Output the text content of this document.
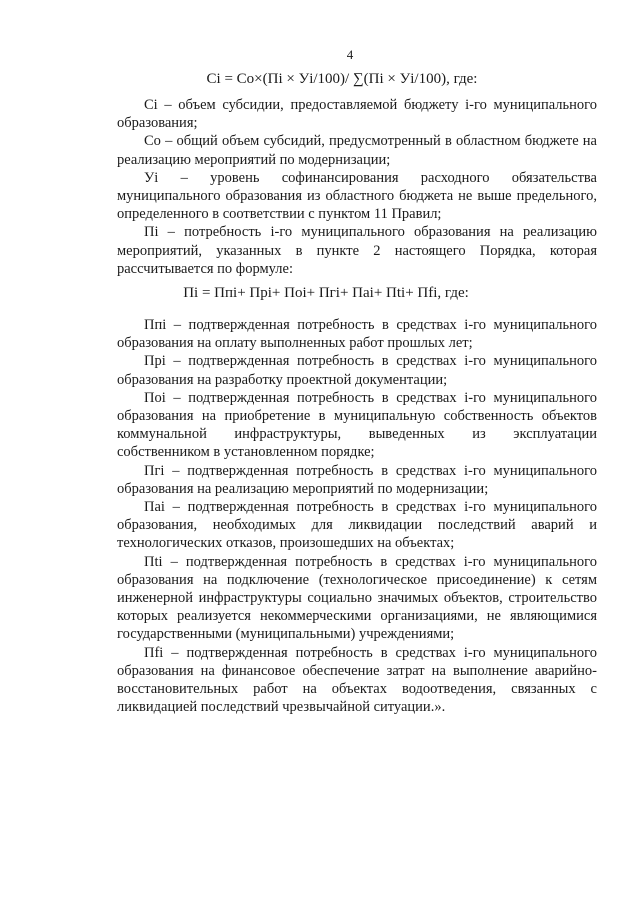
4
Ci = Co×(Пi × Уi/100)/ ∑(Пi × Уi/100), где:

Ci – объем субсидии, предоставляемой бюджету i-го муниципального образования;

Co – общий объем субсидий, предусмотренный в областном бюджете на реализацию мероприятий по модернизации;

Уi – уровень софинансирования расходного обязательства муниципального образования из областного бюджета не выше предельного, определенного в соответствии с пунктом 11 Правил;

Пi – потребность i-го муниципального образования на реализацию мероприятий, указанных в пункте 2 настоящего Порядка, которая рассчитывается по формуле:

Пi = Ппi+ Прi+ Поi+ Пгi+ Паi+ Пti+ Пfi, где:

Ппi – подтвержденная потребность в средствах i-го муниципального образования на оплату выполненных работ прошлых лет;

Прi – подтвержденная потребность в средствах i-го муниципального образования на разработку проектной документации;

Поi – подтвержденная потребность в средствах i-го муниципального образования на приобретение в муниципальную собственность объектов коммунальной инфраструктуры, выведенных из эксплуатации собственником в установленном порядке;

Пгi – подтвержденная потребность в средствах i-го муниципального образования на реализацию мероприятий по модернизации;

Паi – подтвержденная потребность в средствах i-го муниципального образования, необходимых для ликвидации последствий аварий и технологических отказов, произошедших на объектах;

Пti – подтвержденная потребность в средствах i-го муниципального образования на подключение (технологическое присоединение) к сетям инженерной инфраструктуры социально значимых объектов, строительство которых реализуется некоммерческими организациями, не являющимися государственными (муниципальными) учреждениями;

Пfi – подтвержденная потребность в средствах i-го муниципального образования на финансовое обеспечение затрат на выполнение аварийно-восстановительных работ на объектах водоотведения, связанных с ликвидацией последствий чрезвычайной ситуации.».
